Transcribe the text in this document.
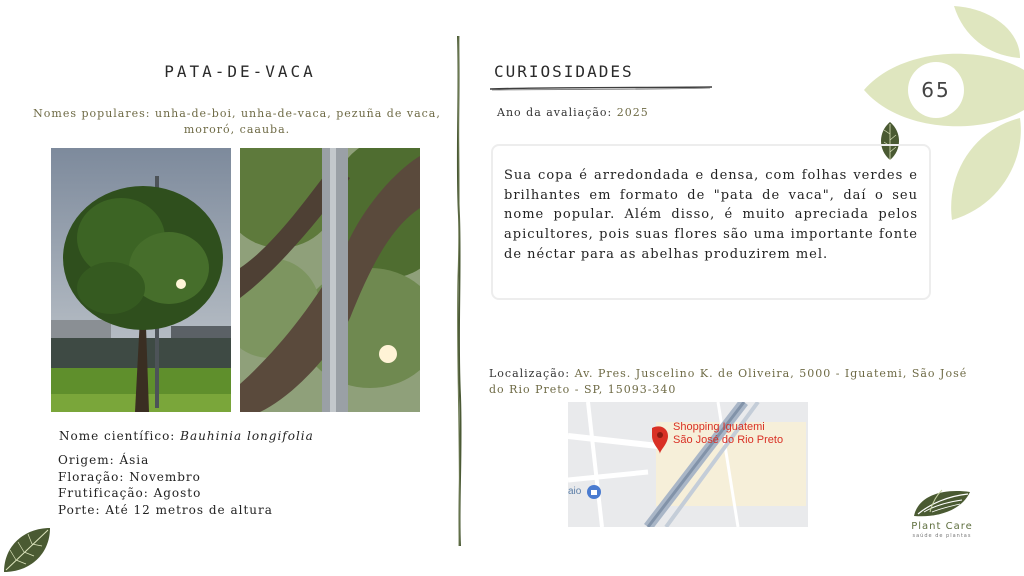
65
PATA-DE-VACA
Nomes populares: unha-de-boi, unha-de-vaca, pezuña de vaca, mororó, caauba.
Nome científico: Bauhinia longifolia
Origem: Ásia
Floração: Novembro
Frutificação: Agosto
Porte: Até 12 metros de altura
CURIOSIDADES
Ano da avaliação: 2025

Sua copa é arredondada e densa, com folhas verdes e brilhantes em formato de "pata de vaca", daí o seu nome popular. Além disso, é muito apreciada pelos apicultores, pois suas flores são uma importante fonte de néctar para as abelhas produzirem mel.

Localização: Av. Pres. Juscelino K. de Oliveira, 5000 - Iguatemi, São José do Rio Preto - SP, 15093-340
Shopping Iguatemi
São José do Rio Preto
aio
Plant Care
saúde de plantas
